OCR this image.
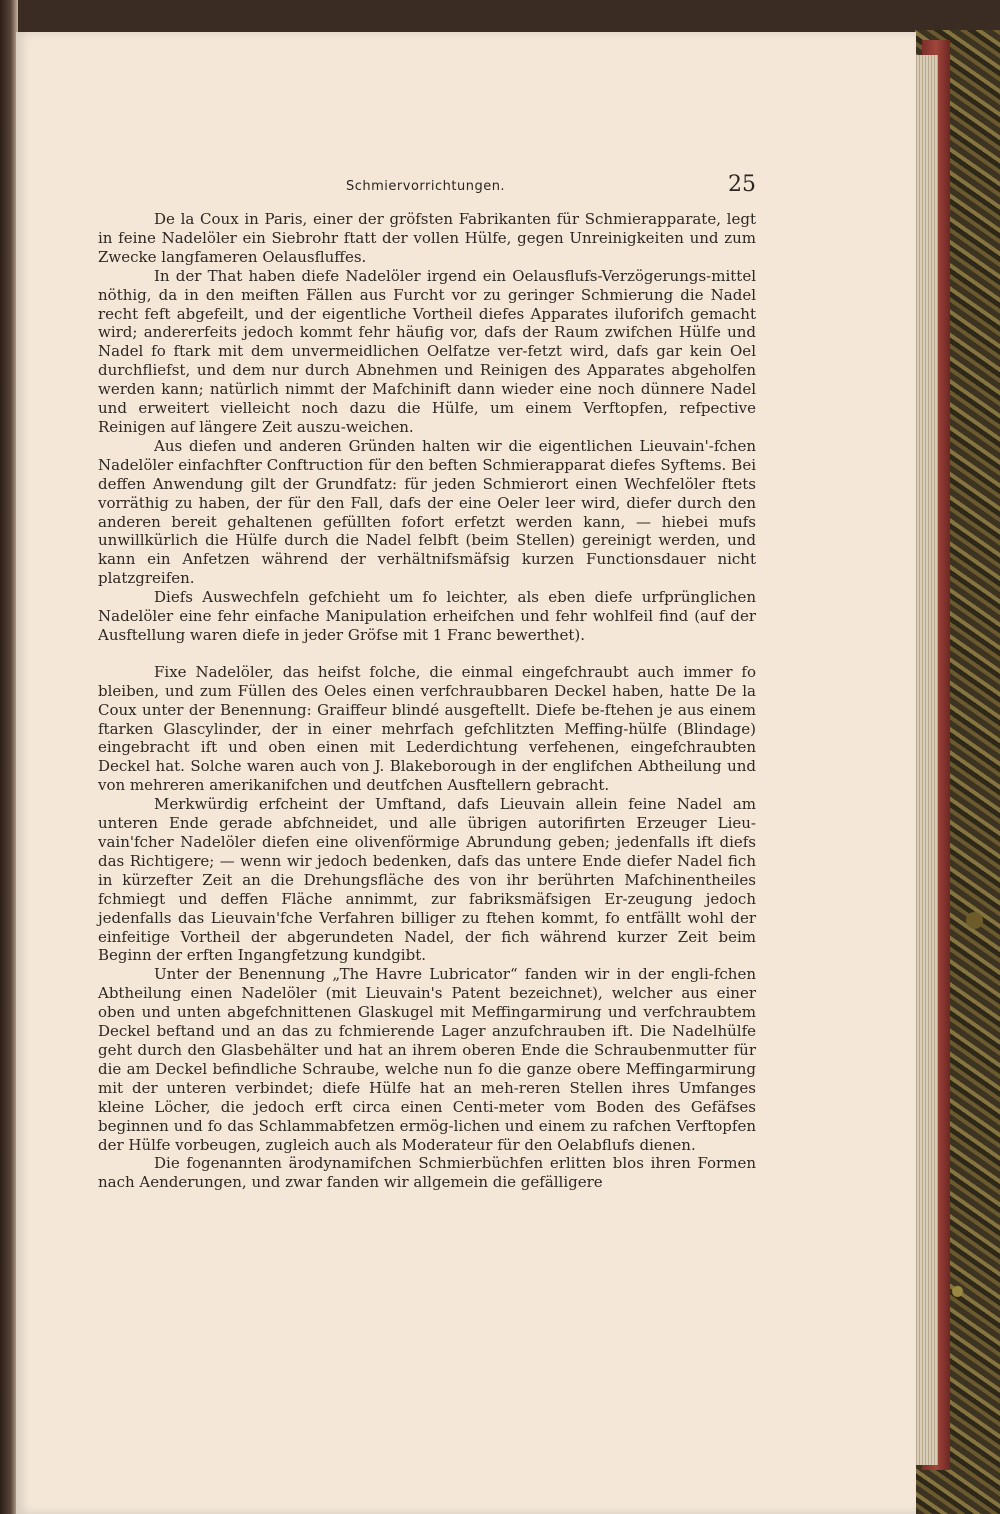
Schmiervorrichtungen.	25

De la Coux in Paris, einer der gröfsten Fabrikanten für Schmierapparate, legt in feine Nadelöler ein Siebrohr ftatt der vollen Hülfe, gegen Unreinigkeiten und zum Zwecke langfameren Oelausfluffes.

In der That haben diefe Nadelöler irgend ein Oelausflufs-Verzögerungs-mittel nöthig, da in den meiften Fällen aus Furcht vor zu geringer Schmierung die Nadel recht feft abgefeilt, und der eigentliche Vortheil diefes Apparates iluforifch gemacht wird; andererfeits jedoch kommt fehr häufig vor, dafs der Raum zwifchen Hülfe und Nadel fo ftark mit dem unvermeidlichen Oelfatze ver-fetzt wird, dafs gar kein Oel durchfliefst, und dem nur durch Abnehmen und Reinigen des Apparates abgeholfen werden kann; natürlich nimmt der Mafchinift dann wieder eine noch dünnere Nadel und erweitert vielleicht noch dazu die Hülfe, um einem Verftopfen, refpective Reinigen auf längere Zeit auszu-weichen.

Aus diefen und anderen Gründen halten wir die eigentlichen Lieuvain'-fchen Nadelöler einfachfter Conftruction für den beften Schmierapparat diefes Syftems. Bei deffen Anwendung gilt der Grundfatz: für jeden Schmierort einen Wechfelöler ftets vorräthig zu haben, der für den Fall, dafs der eine Oeler leer wird, diefer durch den anderen bereit gehaltenen gefüllten fofort erfetzt werden kann, — hiebei mufs unwillkürlich die Hülfe durch die Nadel felbft (beim Stellen) gereinigt werden, und kann ein Anfetzen während der verhältnifsmäfsig kurzen Functionsdauer nicht platzgreifen.

Diefs Auswechfeln gefchieht um fo leichter, als eben diefe urfprünglichen Nadelöler eine fehr einfache Manipulation erheifchen und fehr wohlfeil find (auf der Ausftellung waren diefe in jeder Gröfse mit 1 Franc bewerthet).

Fixe Nadelöler, das heifst folche, die einmal eingefchraubt auch immer fo bleiben, und zum Füllen des Oeles einen verfchraubbaren Deckel haben, hatte De la Coux unter der Benennung: Graiffeur blindé ausgeftellt. Diefe be-ftehen je aus einem ftarken Glascylinder, der in einer mehrfach gefchlitzten Meffing-hülfe (Blindage) eingebracht ift und oben einen mit Lederdichtung verfehenen, eingefchraubten Deckel hat. Solche waren auch von J. Blakeborough in der englifchen Abtheilung und von mehreren amerikanifchen und deutfchen Ausftellern gebracht.

Merkwürdig erfcheint der Umftand, dafs Lieuvain allein feine Nadel am unteren Ende gerade abfchneidet, und alle übrigen autorifirten Erzeuger Lieu-vain'fcher Nadelöler diefen eine olivenförmige Abrundung geben; jedenfalls ift diefs das Richtigere; — wenn wir jedoch bedenken, dafs das untere Ende diefer Nadel fich in kürzefter Zeit an die Drehungsfläche des von ihr berührten Mafchinentheiles fchmiegt und deffen Fläche annimmt, zur fabriksmäfsigen Er-zeugung jedoch jedenfalls das Lieuvain'fche Verfahren billiger zu ftehen kommt, fo entfällt wohl der einfeitige Vortheil der abgerundeten Nadel, der fich während kurzer Zeit beim Beginn der erften Ingangfetzung kundgibt.

Unter der Benennung „The Havre Lubricator“ fanden wir in der engli-fchen Abtheilung einen Nadelöler (mit Lieuvain's Patent bezeichnet), welcher aus einer oben und unten abgefchnittenen Glaskugel mit Meffingarmirung und verfchraubtem Deckel beftand und an das zu fchmierende Lager anzufchrauben ift. Die Nadelhülfe geht durch den Glasbehälter und hat an ihrem oberen Ende die Schraubenmutter für die am Deckel befindliche Schraube, welche nun fo die ganze obere Meffingarmirung mit der unteren verbindet; diefe Hülfe hat an meh-reren Stellen ihres Umfanges kleine Löcher, die jedoch erft circa einen Centi-meter vom Boden des Gefäfses beginnen und fo das Schlammabfetzen ermög-lichen und einem zu rafchen Verftopfen der Hülfe vorbeugen, zugleich auch als Moderateur für den Oelabflufs dienen.

Die fogenannten ärodynamifchen Schmierbüchfen erlitten blos ihren Formen nach Aenderungen, und zwar fanden wir allgemein die gefälligere
